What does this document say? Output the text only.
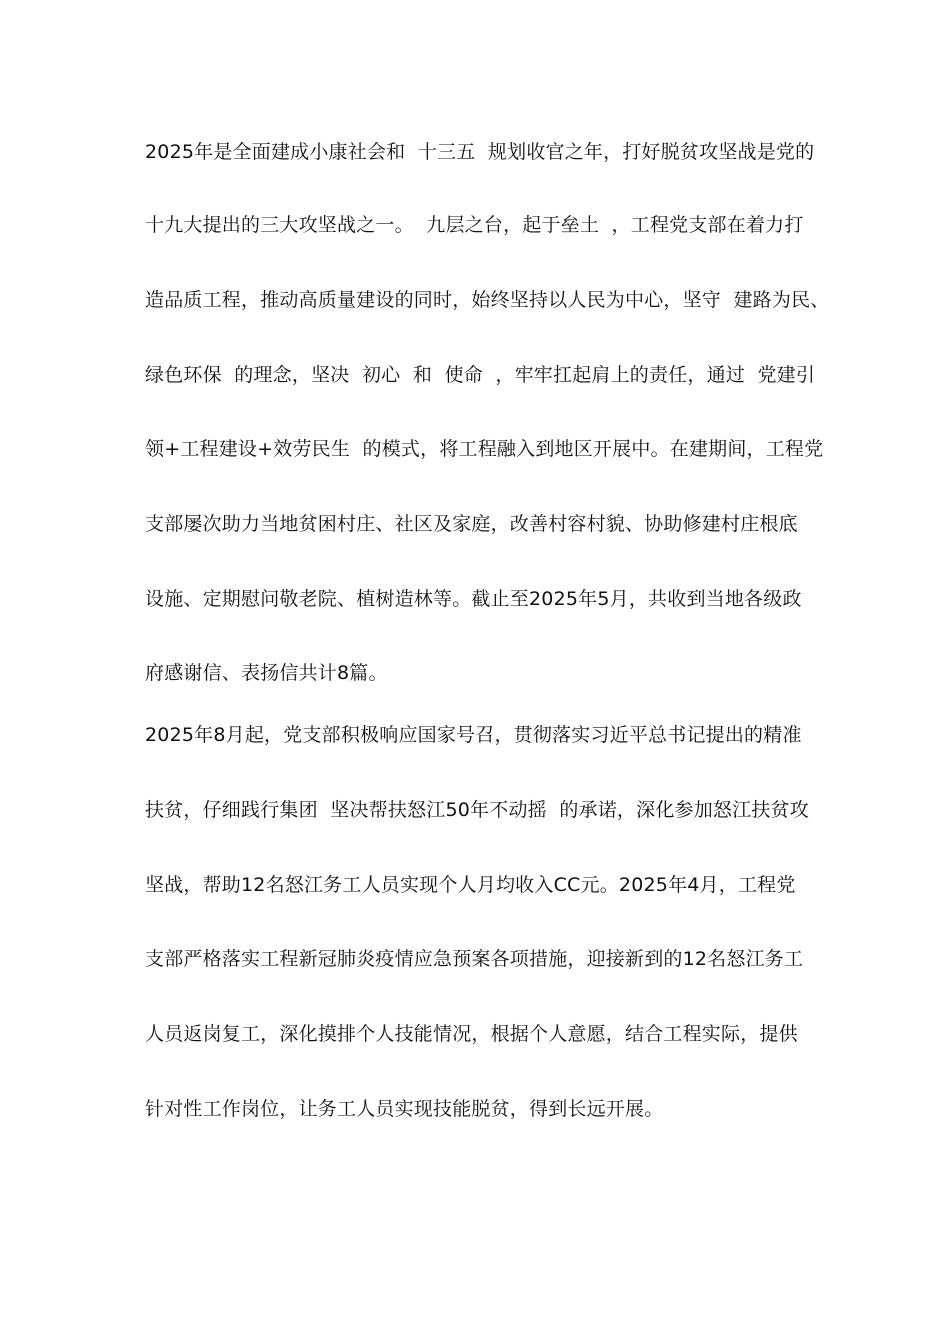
2025年是全面建成小康社会和  十三五  规划收官之年，打好脱贫攻坚战是党的
十九大提出的三大攻坚战之一。  九层之台，起于垒土  ，工程党支部在着力打
造品质工程，推动高质量建设的同时，始终坚持以人民为中心，坚守  建路为民、
绿色环保  的理念，坚决  初心  和  使命  ，牢牢扛起肩上的责任，通过  党建引
领+工程建设+效劳民生  的模式，将工程融入到地区开展中。在建期间，工程党
支部屡次助力当地贫困村庄、社区及家庭，改善村容村貌、协助修建村庄根底
设施、定期慰问敬老院、植树造林等。截止至2025年5月，共收到当地各级政
府感谢信、表扬信共计8篇。
2025年8月起，党支部积极响应国家号召，贯彻落实习近平总书记提出的精准
扶贫，仔细践行集团  坚决帮扶怒江50年不动摇  的承诺，深化参加怒江扶贫攻
坚战，帮助12名怒江务工人员实现个人月均收入CC元。2025年4月，工程党
支部严格落实工程新冠肺炎疫情应急预案各项措施，迎接新到的12名怒江务工
人员返岗复工，深化摸排个人技能情况，根据个人意愿，结合工程实际，提供
针对性工作岗位，让务工人员实现技能脱贫，得到长远开展。
